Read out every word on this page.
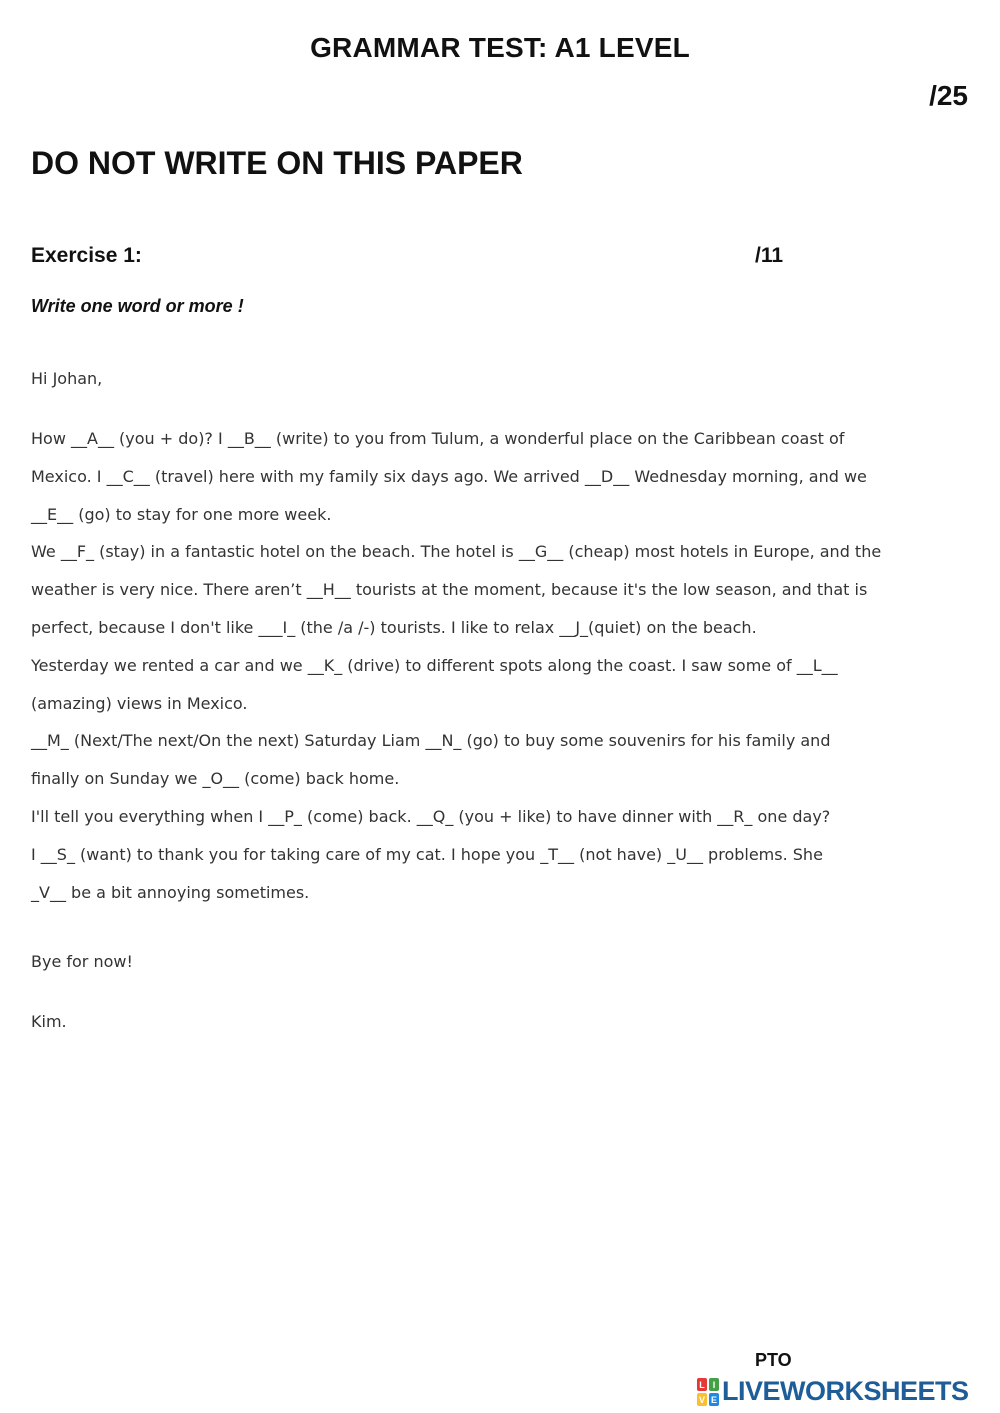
GRAMMAR TEST: A1 LEVEL
/25
DO NOT WRITE ON THIS PAPER
Exercise 1:	/11
Write one word or more !
Hi Johan,
How __A__ (you + do)? I __B__ (write) to you from Tulum, a wonderful place on the Caribbean coast of
Mexico. I __C__ (travel) here with my family six days ago. We arrived __D__ Wednesday morning, and we
__E__ (go) to stay for one more week.
We __F_ (stay) in a fantastic hotel on the beach. The hotel is __G__ (cheap) most hotels in Europe, and the
weather is very nice. There aren’t __H__ tourists at the moment, because it's the low season, and that is
perfect, because I don't like ___I_ (the /a /-) tourists. I like to relax __J_(quiet) on the beach.
Yesterday we rented a car and we __K_ (drive) to different spots along the coast. I saw some of __L__
(amazing) views in Mexico.
__M_ (Next/The next/On the next) Saturday Liam __N_ (go) to buy some souvenirs for his family and
finally on Sunday we _O__ (come) back home.
I'll tell you everything when I __P_ (come) back. __Q_ (you + like) to have dinner with __R_ one day?
I __S_ (want) to thank you for taking care of my cat. I hope you _T__ (not have) _U__ problems. She
_V__ be a bit annoying sometimes.
Bye for now!
Kim.
PTO
L I
V E LIVEWORKSHEETS
